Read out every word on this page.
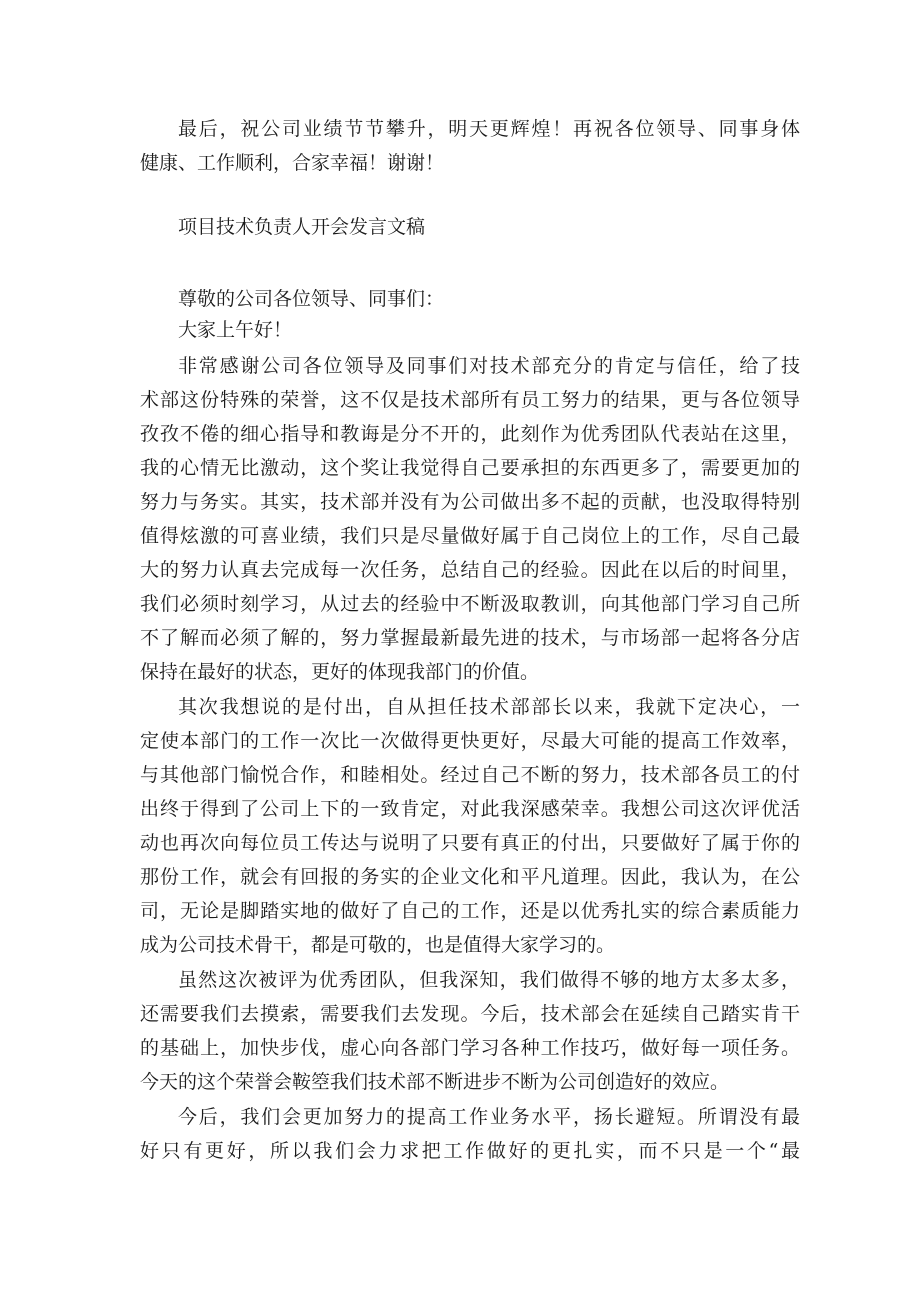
最后，祝公司业绩节节攀升，明天更辉煌！再祝各位领导、同事身体
健康、工作顺利，合家幸福！谢谢！
项目技术负责人开会发言文稿
尊敬的公司各位领导、同事们：
大家上午好！
非常感谢公司各位领导及同事们对技术部充分的肯定与信任，给了技
术部这份特殊的荣誉，这不仅是技术部所有员工努力的结果，更与各位领导
孜孜不倦的细心指导和教诲是分不开的，此刻作为优秀团队代表站在这里，
我的心情无比激动，这个奖让我觉得自己要承担的东西更多了，需要更加的
努力与务实。其实，技术部并没有为公司做出多不起的贡献，也没取得特别
值得炫激的可喜业绩，我们只是尽量做好属于自己岗位上的工作，尽自己最
大的努力认真去完成每一次任务，总结自己的经验。因此在以后的时间里，
我们必须时刻学习，从过去的经验中不断汲取教训，向其他部门学习自己所
不了解而必须了解的，努力掌握最新最先进的技术，与市场部一起将各分店
保持在最好的状态，更好的体现我部门的价值。
其次我想说的是付出，自从担任技术部部长以来，我就下定决心，一
定使本部门的工作一次比一次做得更快更好，尽最大可能的提高工作效率，
与其他部门愉悦合作，和睦相处。经过自己不断的努力，技术部各员工的付
出终于得到了公司上下的一致肯定，对此我深感荣幸。我想公司这次评优活
动也再次向每位员工传达与说明了只要有真正的付出，只要做好了属于你的
那份工作，就会有回报的务实的企业文化和平凡道理。因此，我认为，在公
司，无论是脚踏实地的做好了自己的工作，还是以优秀扎实的综合素质能力
成为公司技术骨干，都是可敬的，也是值得大家学习的。
虽然这次被评为优秀团队，但我深知，我们做得不够的地方太多太多，
还需要我们去摸索，需要我们去发现。今后，技术部会在延续自己踏实肯干
的基础上，加快步伐，虚心向各部门学习各种工作技巧，做好每一项任务。
今天的这个荣誉会鞍箜我们技术部不断进步不断为公司创造好的效应。
今后，我们会更加努力的提高工作业务水平，扬长避短。所谓没有最
好只有更好，所以我们会力求把工作做好的更扎实，而不只是一个“最
